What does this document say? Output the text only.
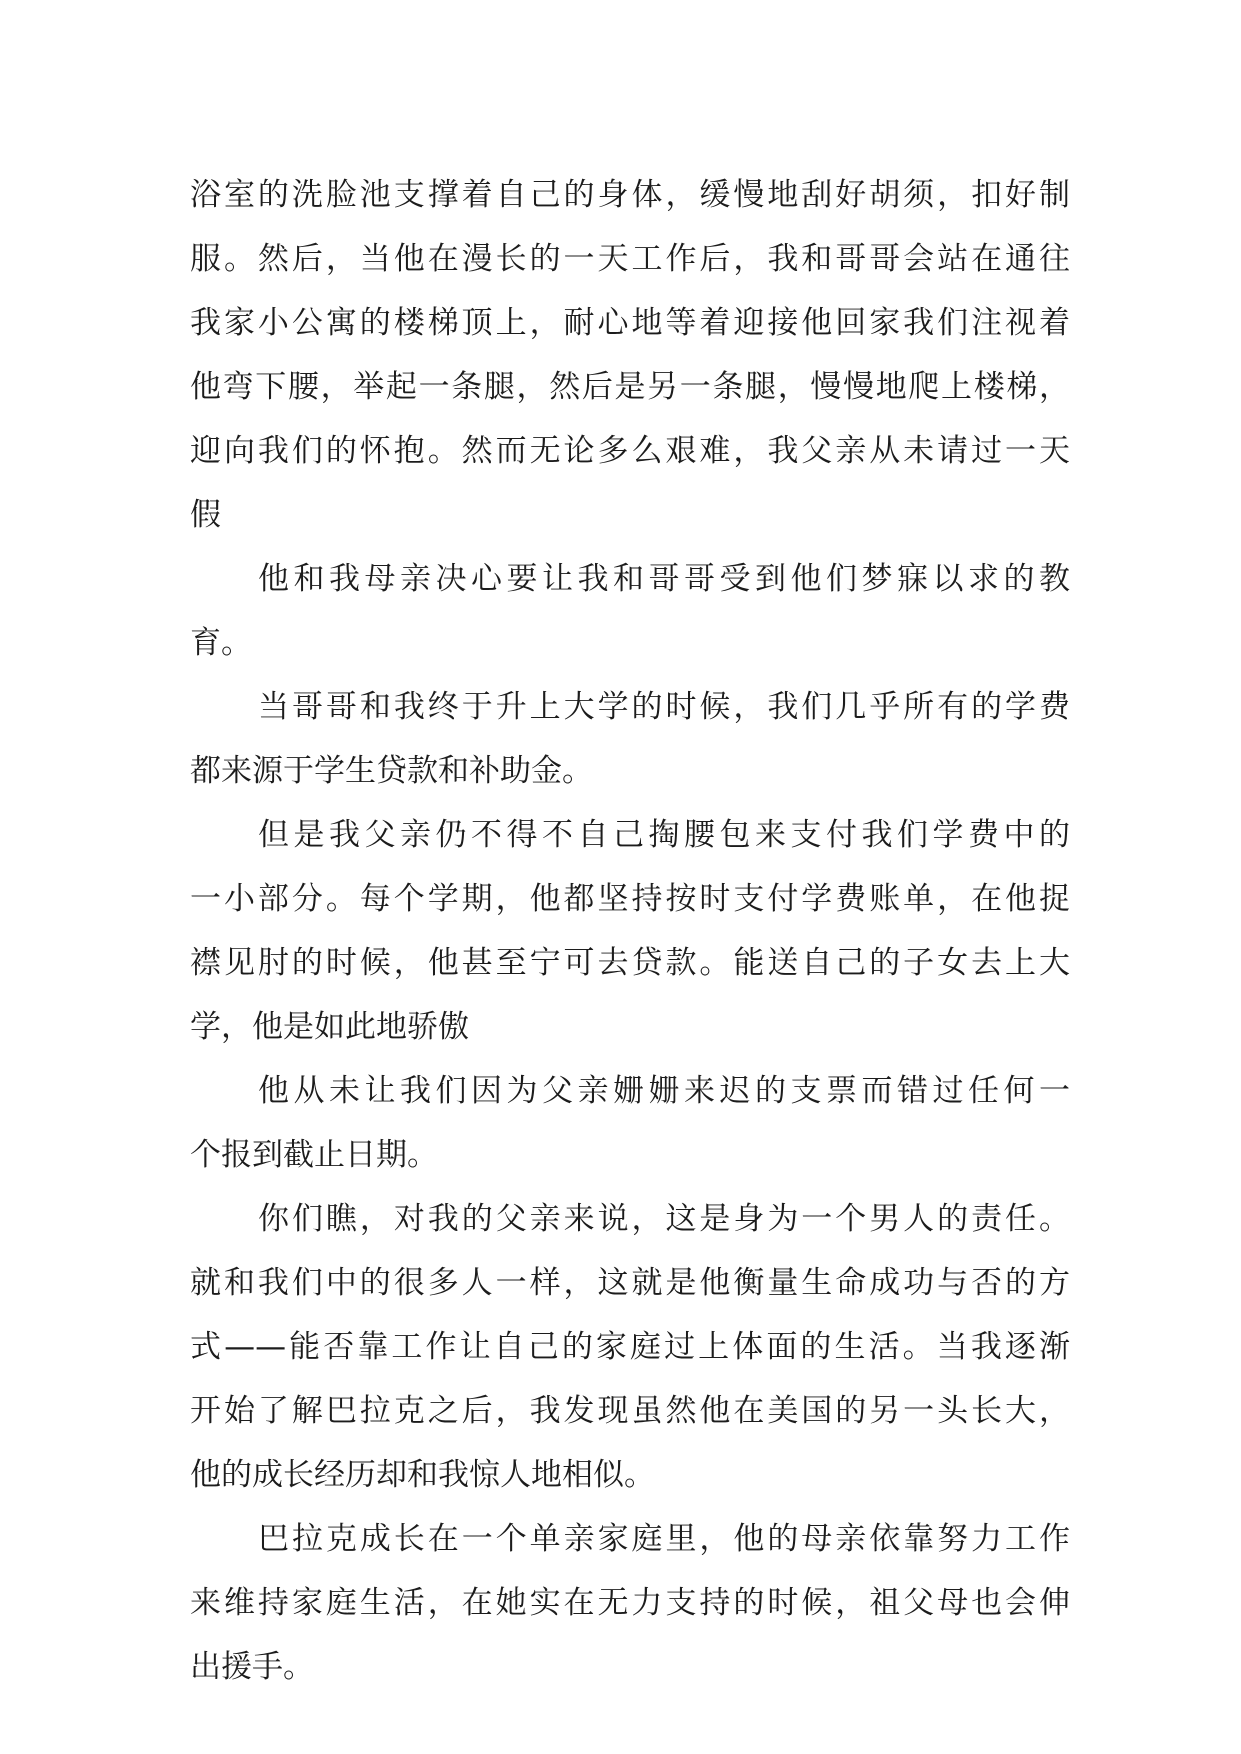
浴室的洗脸池支撑着自己的身体，缓慢地刮好胡须，扣好制
服。然后，当他在漫长的一天工作后，我和哥哥会站在通往
我家小公寓的楼梯顶上，耐心地等着迎接他回家我们注视着
他弯下腰，举起一条腿，然后是另一条腿，慢慢地爬上楼梯，
迎向我们的怀抱。然而无论多么艰难，我父亲从未请过一天
假
他和我母亲决心要让我和哥哥受到他们梦寐以求的教
育。
当哥哥和我终于升上大学的时候，我们几乎所有的学费
都来源于学生贷款和补助金。
但是我父亲仍不得不自己掏腰包来支付我们学费中的
一小部分。每个学期，他都坚持按时支付学费账单，在他捉
襟见肘的时候，他甚至宁可去贷款。能送自己的子女去上大
学，他是如此地骄傲
他从未让我们因为父亲姗姗来迟的支票而错过任何一
个报到截止日期。
你们瞧，对我的父亲来说，这是身为一个男人的责任。
就和我们中的很多人一样，这就是他衡量生命成功与否的方
式——能否靠工作让自己的家庭过上体面的生活。当我逐渐
开始了解巴拉克之后，我发现虽然他在美国的另一头长大，
他的成长经历却和我惊人地相似。
巴拉克成长在一个单亲家庭里，他的母亲依靠努力工作
来维持家庭生活，在她实在无力支持的时候，祖父母也会伸
出援手。
